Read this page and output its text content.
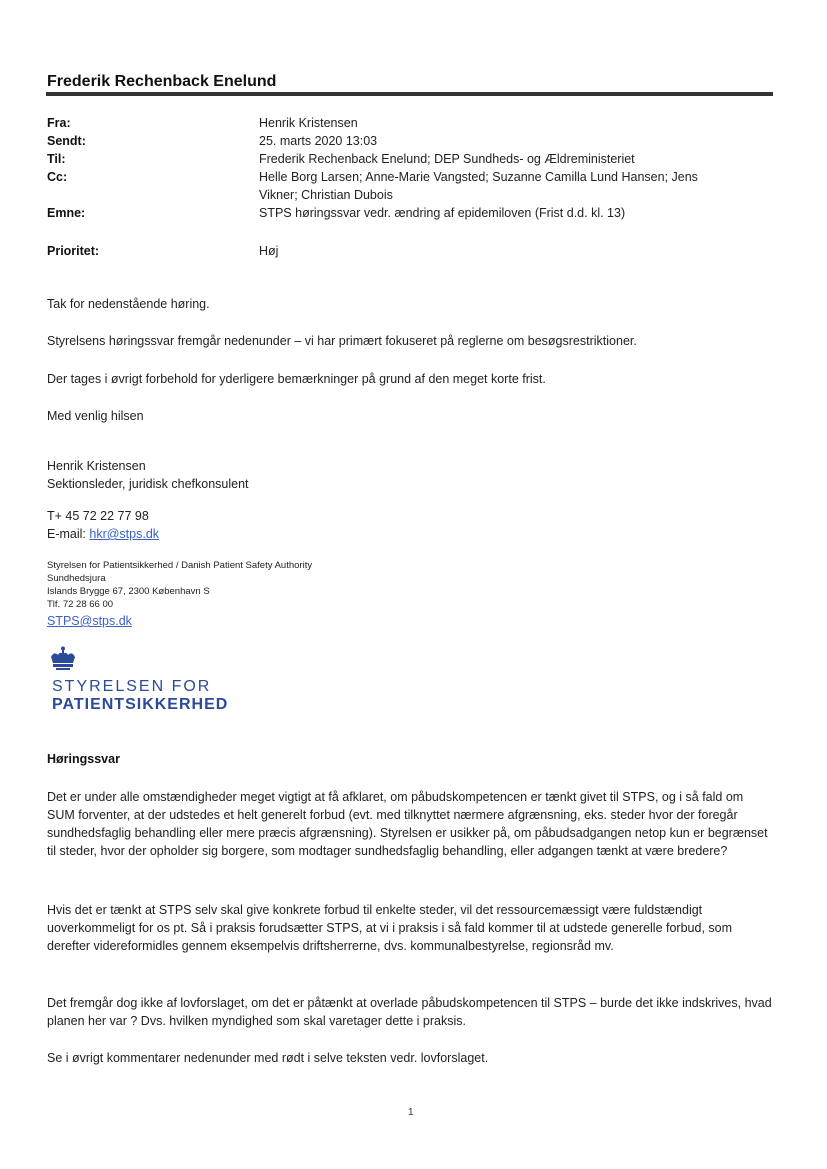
Frederik Rechenback Enelund
Fra:	Henrik Kristensen
Sendt:	25. marts 2020 13:03
Til:	Frederik Rechenback Enelund; DEP Sundheds- og Ældreministeriet
Cc:	Helle Borg Larsen; Anne-Marie Vangsted; Suzanne Camilla Lund Hansen; Jens
Vikner; Christian Dubois
Emne:	STPS høringssvar vedr. ændring af epidemiloven (Frist d.d. kl. 13)
Prioritet:	Høj
Tak for nedenstående høring.
Styrelsens høringssvar fremgår nedenunder – vi har primært fokuseret på reglerne om besøgsrestriktioner.
Der tages i øvrigt forbehold for yderligere bemærkninger på grund af den meget korte frist.
Med venlig hilsen
Henrik Kristensen
Sektionsleder, juridisk chefkonsulent
T+ 45 72 22 77 98
E-mail: hkr@stps.dk
Styrelsen for Patientsikkerhed / Danish Patient Safety Authority
Sundhedsjura
Islands Brygge 67, 2300 København S
Tlf. 72 28 66 00
STPS@stps.dk
STYRELSEN FOR
PATIENTSIKKERHED
Høringssvar
Det er under alle omstændigheder meget vigtigt at få afklaret, om påbudskompetencen er tænkt givet til STPS, og i så fald om SUM forventer, at der udstedes et helt generelt forbud (evt. med tilknyttet nærmere afgrænsning, eks. steder hvor der foregår sundhedsfaglig behandling eller mere præcis afgrænsning). Styrelsen er usikker på, om påbudsadgangen netop kun er begrænset til steder, hvor der opholder sig borgere, som modtager sundhedsfaglig behandling, eller adgangen tænkt at være bredere?
Hvis det er tænkt at STPS selv skal give konkrete forbud til enkelte steder, vil det ressourcemæssigt være fuldstændigt uoverkommeligt for os pt. Så i praksis forudsætter STPS, at vi i praksis i så fald kommer til at udstede generelle forbud, som derefter videreformidles gennem eksempelvis driftsherrerne, dvs. kommunalbestyrelse, regionsråd mv.
Det fremgår dog ikke af lovforslaget, om det er påtænkt at overlade påbudskompetencen til STPS – burde det ikke indskrives, hvad planen her var ? Dvs. hvilken myndighed som skal varetager dette i praksis.
Se i øvrigt kommentarer nedenunder med rødt i selve teksten vedr. lovforslaget.
1
